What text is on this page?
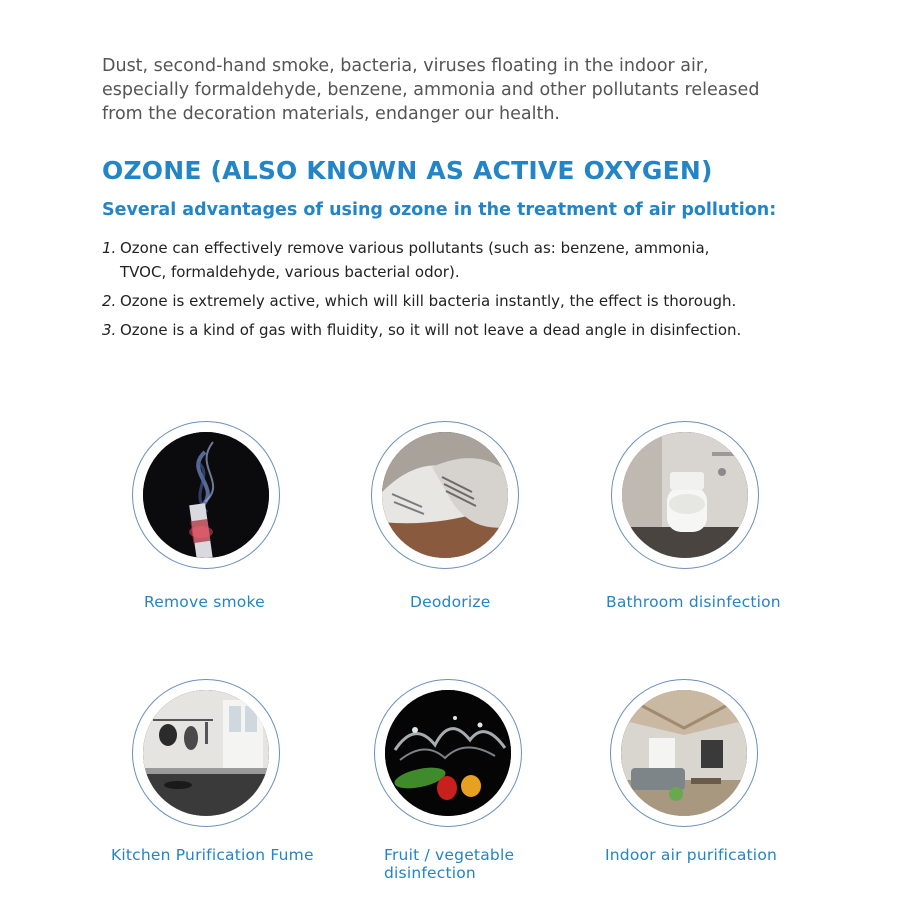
Dust, second-hand smoke, bacteria, viruses floating in the indoor air, especially formaldehyde, benzene, ammonia and other pollutants released from the decoration materials, endanger our health.

OZONE (ALSO KNOWN AS ACTIVE OXYGEN)
Several advantages of using ozone in the treatment of air pollution:
1. Ozone can effectively remove various pollutants (such as: benzene, ammonia, TVOC, formaldehyde, various bacterial odor).
2. Ozone is extremely active, which will kill bacteria instantly, the effect is thorough.
3. Ozone is a kind of gas with fluidity, so it will not leave a dead angle in disinfection.

Remove smoke	Deodorize	Bathroom disinfection

Kitchen Purification Fume	Fruit / vegetable disinfection

Indoor air purification
